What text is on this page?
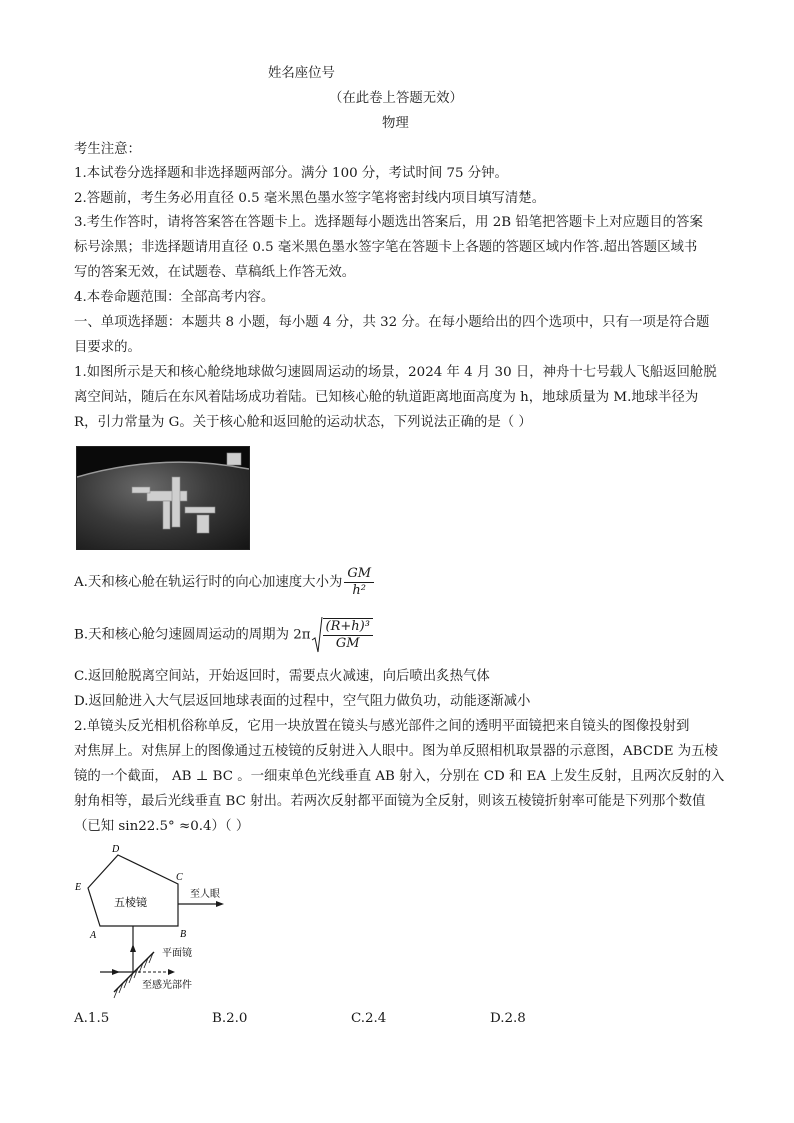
姓名座位号
（在此卷上答题无效）
物理
考生注意：
1.本试卷分选择题和非选择题两部分。满分 100 分，考试时间 75 分钟。
2.答题前，考生务必用直径 0.5 毫米黑色墨水签字笔将密封线内项目填写清楚。
3.考生作答时，请将答案答在答题卡上。选择题每小题选出答案后，用 2B 铅笔把答题卡上对应题目的答案
标号涂黑；非选择题请用直径 0.5 毫米黑色墨水签字笔在答题卡上各题的答题区域内作答.超出答题区域书
写的答案无效，在试题卷、草稿纸上作答无效。
4.本卷命题范围：全部高考内容。
一、单项选择题：本题共 8 小题，每小题 4 分，共 32 分。在每小题给出的四个选项中，只有一项是符合题
目要求的。
1.如图所示是天和核心舱绕地球做匀速圆周运动的场景，2024 年 4 月 30 日，神舟十七号载人飞船返回舱脱
离空间站，随后在东风着陆场成功着陆。已知核心舱的轨道距离地面高度为 h，地球质量为 M.地球半径为
R，引力常量为 G。关于核心舱和返回舱的运动状态，下列说法正确的是（ ）
A.天和核心舱在轨运行时的向心加速度大小为 $\frac{GM}{\text{h²}}$
B.天和核心舱匀速圆周运动的周期为 $2\pi \frac{\text{(R+h)³}}{GM}$
C.返回舱脱离空间站，开始返回时，需要点火减速，向后喷出炙热气体
D.返回舱进入大气层返回地球表面的过程中，空气阻力做负功，动能逐渐减小
2.单镜头反光相机俗称单反，它用一块放置在镜头与感光部件之间的透明平面镜把来自镜头的图像投射到
对焦屏上。对焦屏上的图像通过五棱镜的反射进入人眼中。图为单反照相机取景器的示意图，ABCDE 为五棱
镜的一个截面， AB ⊥ BC 。一细束单色光线垂直 AB 射入，分别在 CD 和 EA 上发生反射，且两次反射的入
射角相等，最后光线垂直 BC 射出。若两次反射都平面镜为全反射，则该五棱镜折射率可能是下列那个数值
（已知 sin22.5° ≈0.4）（ ）
D
E
C
A	B
五棱镜
至人眼
平面镜
至感光部件
A.1.5	B.2.0	C.2.4	D.2.8
